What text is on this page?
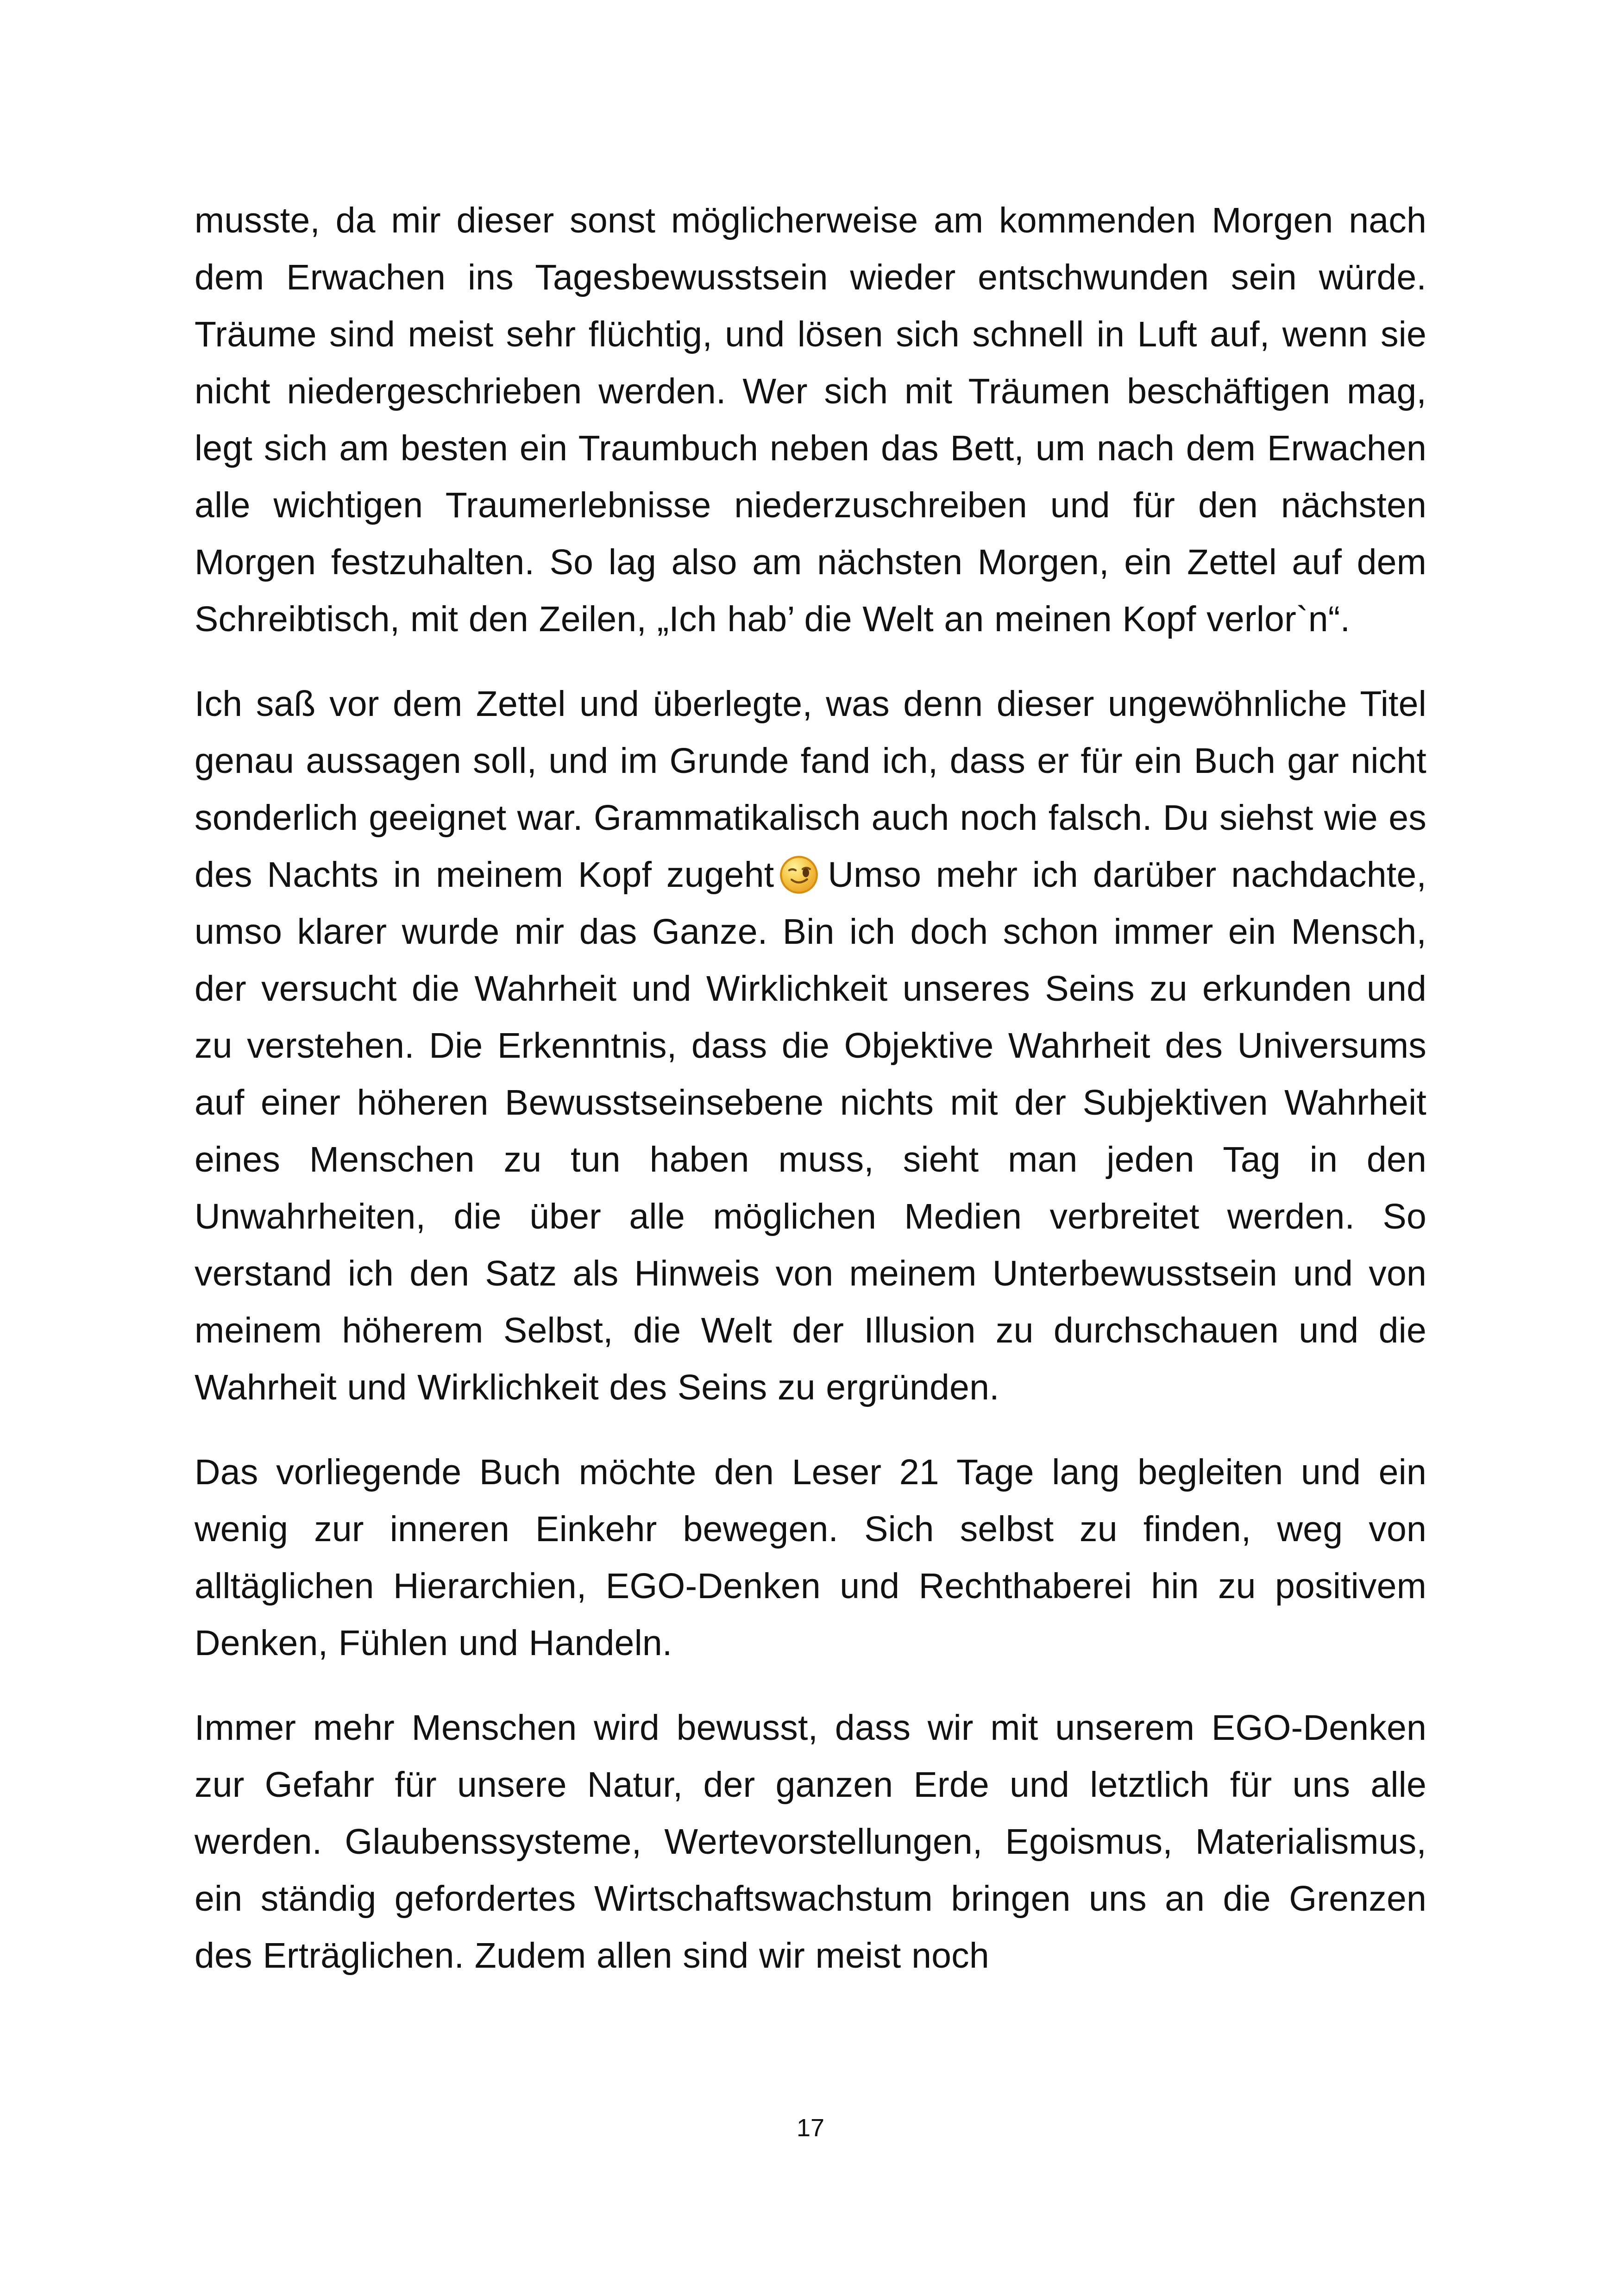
musste, da mir dieser sonst möglicherweise am kommenden Morgen nach dem Erwachen ins Tagesbewusstsein wieder entschwunden sein würde. Träume sind meist sehr flüchtig, und lösen sich schnell in Luft auf, wenn sie nicht niedergeschrieben werden. Wer sich mit Träumen beschäftigen mag, legt sich am besten ein Traumbuch neben das Bett, um nach dem Erwachen alle wichtigen Traumerlebnisse niederzuschreiben und für den nächsten Morgen festzuhalten. So lag also am nächsten Morgen, ein Zettel auf dem Schreibtisch, mit den Zeilen, „Ich hab’ die Welt an meinen Kopf verlor`n“.

Ich saß vor dem Zettel und überlegte, was denn dieser ungewöhnliche Titel genau aussagen soll, und im Grunde fand ich, dass er für ein Buch gar nicht sonderlich geeignet war. Grammatikalisch auch noch falsch. Du siehst wie es des Nachts in meinem Kopf zugeht Umso mehr ich darüber nachdachte, umso klarer wurde mir das Ganze. Bin ich doch schon immer ein Mensch, der versucht die Wahrheit und Wirklichkeit unseres Seins zu erkunden und zu verstehen. Die Erkenntnis, dass die Objektive Wahrheit des Universums auf einer höheren Bewusstseinsebene nichts mit der Subjektiven Wahrheit eines Menschen zu tun haben muss, sieht man jeden Tag in den Unwahrheiten, die über alle möglichen Medien verbreitet werden. So verstand ich den Satz als Hinweis von meinem Unterbewusstsein und von meinem höherem Selbst, die Welt der Illusion zu durchschauen und die Wahrheit und Wirklichkeit des Seins zu ergründen.

Das vorliegende Buch möchte den Leser 21 Tage lang begleiten und ein wenig zur inneren Einkehr bewegen. Sich selbst zu finden, weg von alltäglichen Hierarchien, EGO-Denken und Rechthaberei hin zu positivem Denken, Fühlen und Handeln.

Immer mehr Menschen wird bewusst, dass wir mit unserem EGO-Denken zur Gefahr für unsere Natur, der ganzen Erde und letztlich für uns alle werden. Glaubenssysteme, Wertevorstellungen, Egoismus, Materialismus, ein ständig gefordertes Wirtschaftswachstum bringen uns an die Grenzen des Erträglichen. Zudem allen sind wir meist noch

17
